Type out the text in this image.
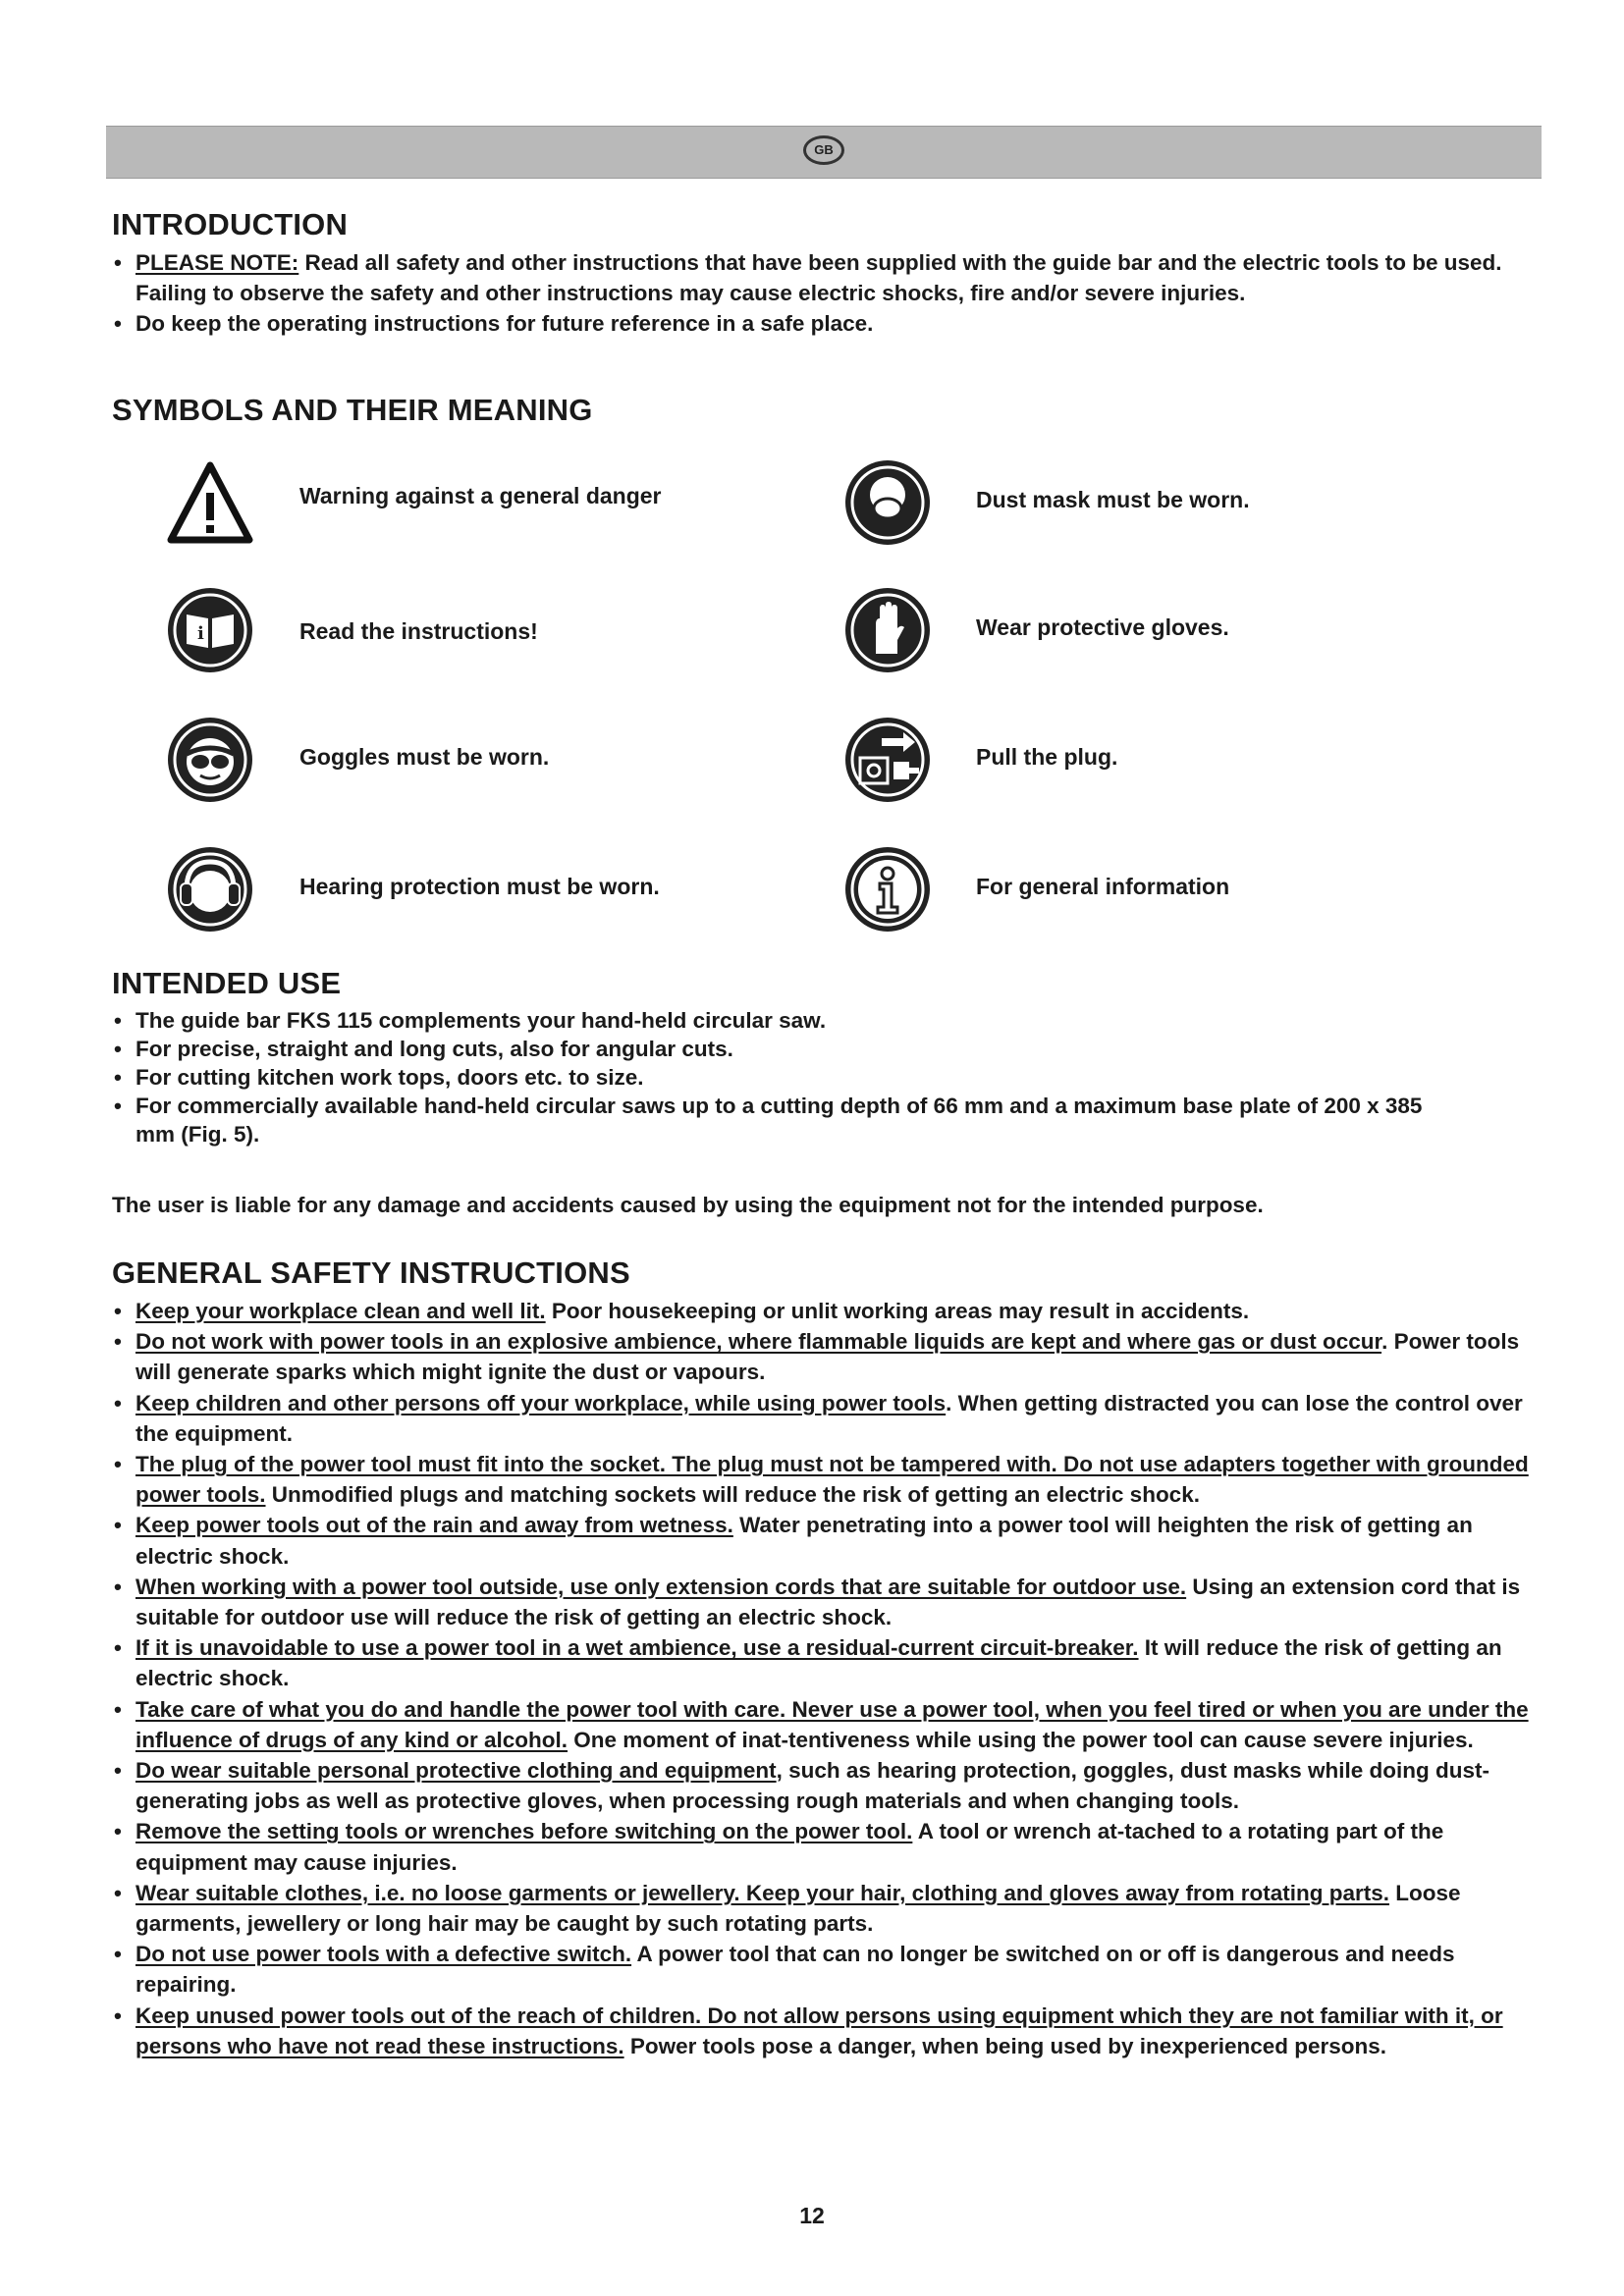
GB
INTRODUCTION
• PLEASE NOTE: Read all safety and other instructions that have been supplied with the guide bar and the electric tools to be used. Failing to observe the safety and other instructions may cause electric shocks, fire and/or severe injuries.
• Do keep the operating instructions for future reference in a safe place.
SYMBOLS AND THEIR MEANING
Warning against a general danger	Dust mask must be worn.
i	Read the instructions!	Wear protective gloves.
Goggles must be worn.	Pull the plug.
Hearing protection must be worn.	For general information
INTENDED USE
• The guide bar FKS 115 complements your hand-held circular saw.
• For precise, straight and long cuts, also for angular cuts.
• For cutting kitchen work tops, doors etc. to size.
• For commercially available hand-held circular saws up to a cutting depth of 66 mm and a maximum base plate of 200 x 385 mm (Fig. 5).

The user is liable for any damage and accidents caused by using the equipment not for the intended purpose.

GENERAL SAFETY INSTRUCTIONS
• Keep your workplace clean and well lit. Poor housekeeping or unlit working areas may result in accidents.
• Do not work with power tools in an explosive ambience, where flammable liquids are kept and where gas or dust occur. Power tools will generate sparks which might ignite the dust or vapours.
• Keep children and other persons off your workplace, while using power tools. When getting distracted you can lose the control over the equipment.
• The plug of the power tool must fit into the socket. The plug must not be tampered with. Do not use adapters together with grounded power tools. Unmodified plugs and matching sockets will reduce the risk of getting an electric shock.
• Keep power tools out of the rain and away from wetness. Water penetrating into a power tool will heighten the risk of getting an electric shock.
• When working with a power tool outside, use only extension cords that are suitable for outdoor use. Using an extension cord that is suitable for outdoor use will reduce the risk of getting an electric shock.
• If it is unavoidable to use a power tool in a wet ambience, use a residual-current circuit-breaker. It will reduce the risk of getting an electric shock.
• Take care of what you do and handle the power tool with care. Never use a power tool, when you feel tired or when you are under the influence of drugs of any kind or alcohol. One moment of inat-tentiveness while using the power tool can cause severe injuries.
• Do wear suitable personal protective clothing and equipment, such as hearing protection, goggles, dust masks while doing dust-generating jobs as well as protective gloves, when processing rough materials and when changing tools.
• Remove the setting tools or wrenches before switching on the power tool. A tool or wrench at-tached to a rotating part of the equipment may cause injuries.
• Wear suitable clothes, i.e. no loose garments or jewellery. Keep your hair, clothing and gloves away from rotating parts. Loose garments, jewellery or long hair may be caught by such rotating parts.
• Do not use power tools with a defective switch. A power tool that can no longer be switched on or off is dangerous and needs repairing.
• Keep unused power tools out of the reach of children. Do not allow persons using equipment which they are not familiar with it, or persons who have not read these instructions. Power tools pose a danger, when being used by inexperienced persons.
12
